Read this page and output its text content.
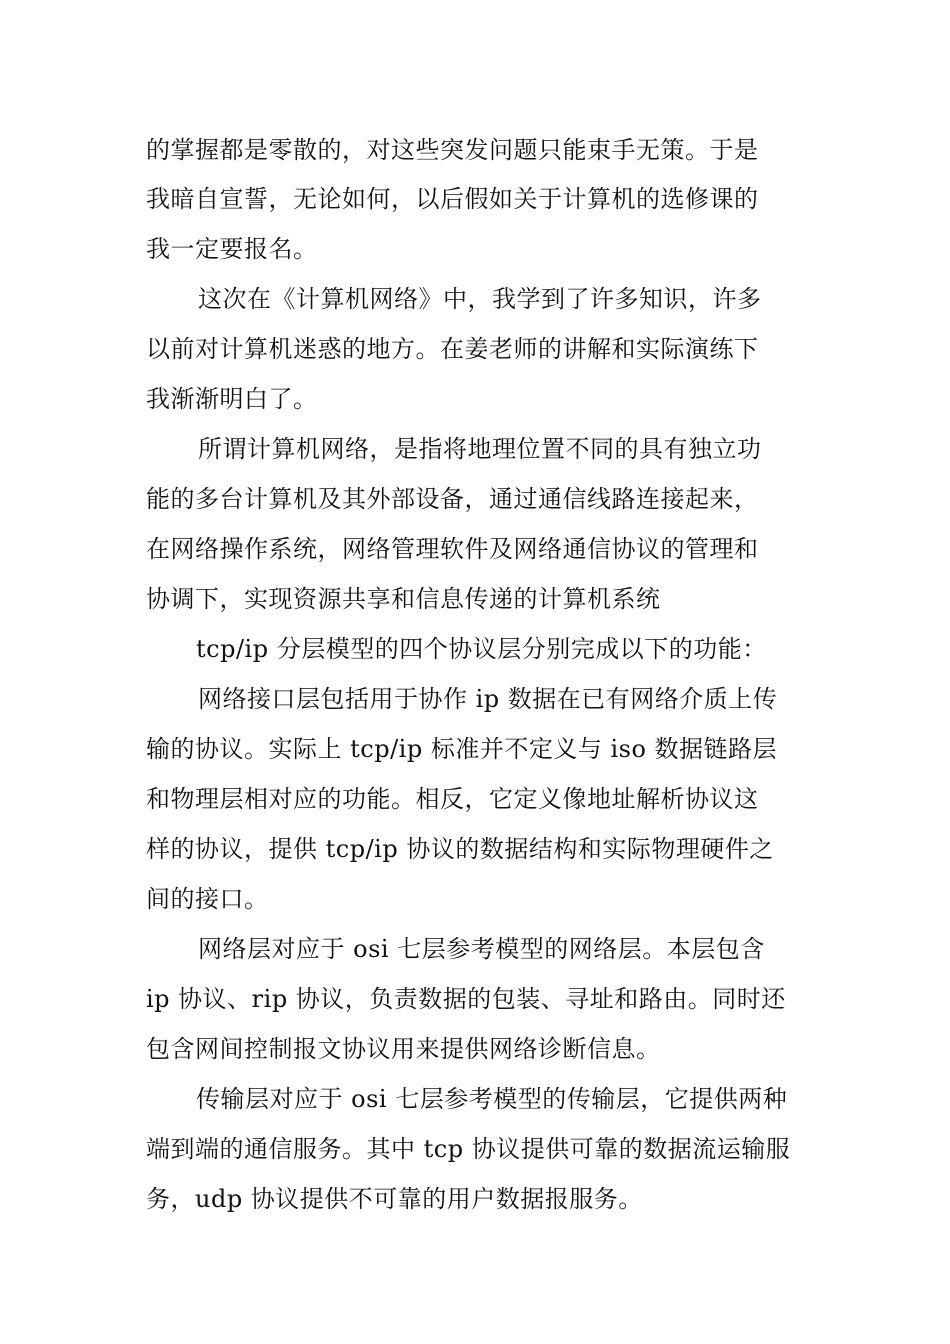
的掌握都是零散的，对这些突发问题只能束手无策。于是
我暗自宣誓，无论如何，以后假如关于计算机的选修课的
我一定要报名。
这次在《计算机网络》中，我学到了许多知识，许多
以前对计算机迷惑的地方。在姜老师的讲解和实际演练下
我渐渐明白了。
所谓计算机网络，是指将地理位置不同的具有独立功
能的多台计算机及其外部设备，通过通信线路连接起来，
在网络操作系统，网络管理软件及网络通信协议的管理和
协调下，实现资源共享和信息传递的计算机系统
tcp/ip 分层模型的四个协议层分别完成以下的功能：
网络接口层包括用于协作 ip 数据在已有网络介质上传
输的协议。实际上 tcp/ip 标准并不定义与 iso 数据链路层
和物理层相对应的功能。相反，它定义像地址解析协议这
样的协议，提供 tcp/ip 协议的数据结构和实际物理硬件之
间的接口。
网络层对应于 osi 七层参考模型的网络层。本层包含
ip 协议、rip 协议，负责数据的包装、寻址和路由。同时还
包含网间控制报文协议用来提供网络诊断信息。
传输层对应于 osi 七层参考模型的传输层，它提供两种
端到端的通信服务。其中 tcp 协议提供可靠的数据流运输服
务，udp 协议提供不可靠的用户数据报服务。
